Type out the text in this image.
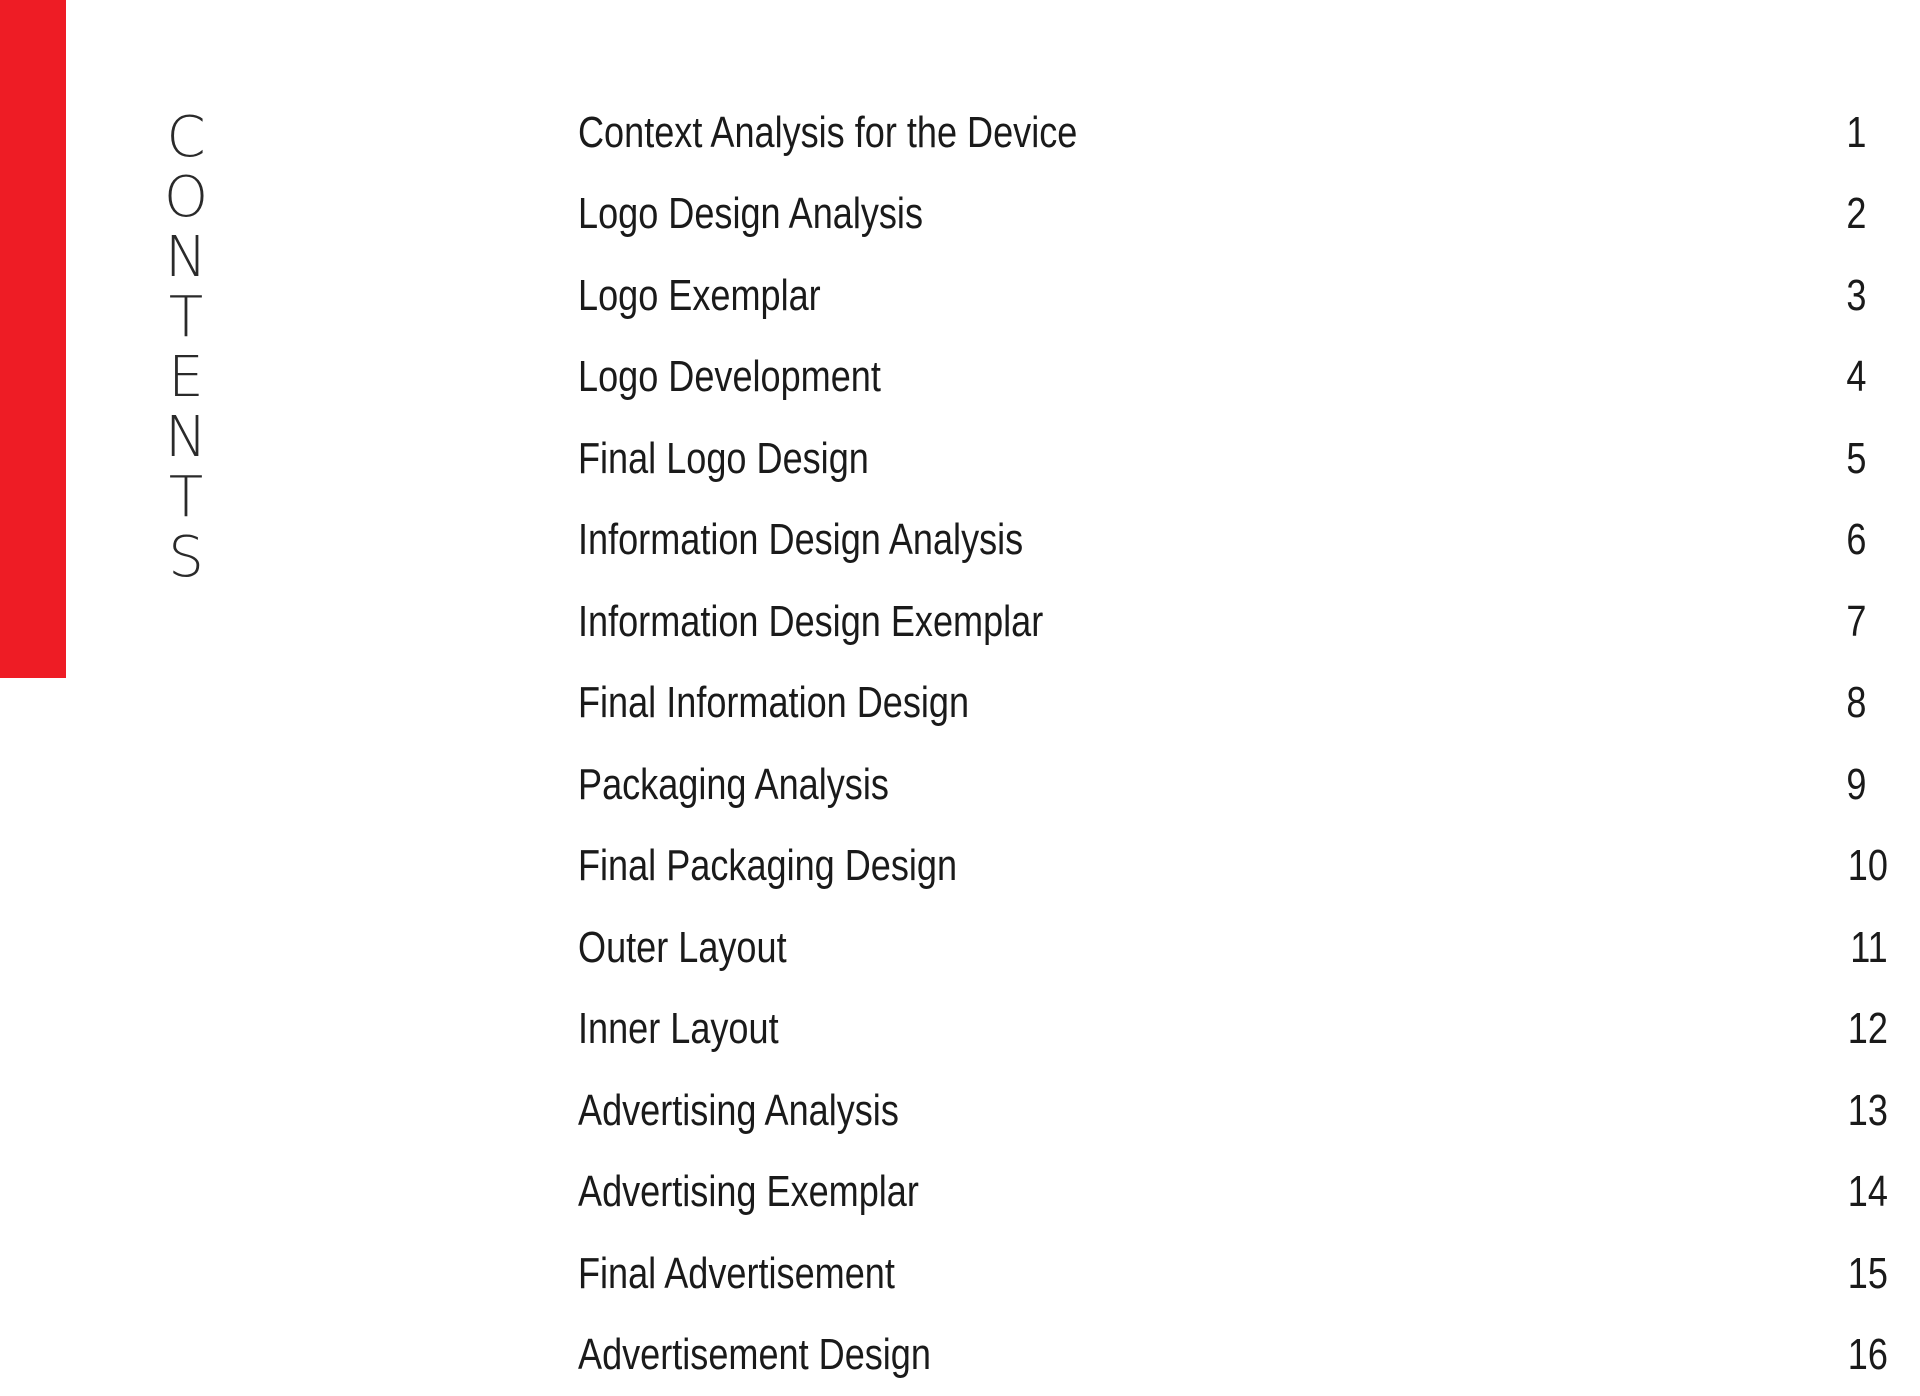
CONTENTS
Context Analysis for the Device	1
Logo Design Analysis	2
Logo Exemplar	3
Logo Development	4
Final Logo Design	5
Information Design Analysis	6
Information Design Exemplar	7
Final Information Design	8
Packaging Analysis	9
Final Packaging Design	10
Outer Layout	11
Inner Layout	12
Advertising Analysis	13
Advertising Exemplar	14
Final Advertisement	15
Advertisement Design	16
